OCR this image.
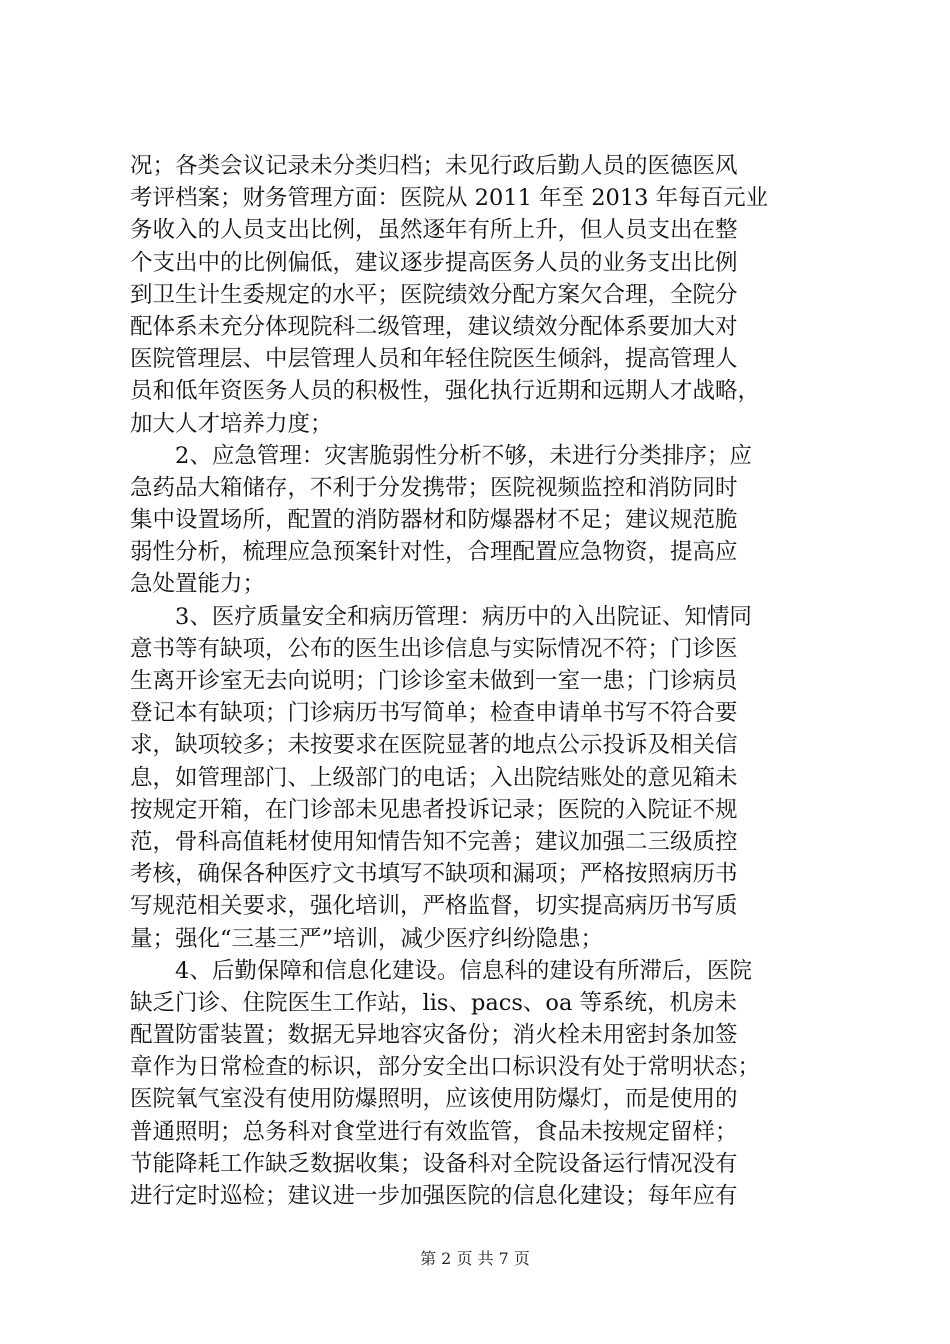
况；各类会议记录未分类归档；未见行政后勤人员的医德医风
考评档案；财务管理方面：医院从 2011 年至 2013 年每百元业
务收入的人员支出比例，虽然逐年有所上升，但人员支出在整
个支出中的比例偏低，建议逐步提高医务人员的业务支出比例
到卫生计生委规定的水平；医院绩效分配方案欠合理，全院分
配体系未充分体现院科二级管理，建议绩效分配体系要加大对
医院管理层、中层管理人员和年轻住院医生倾斜，提高管理人
员和低年资医务人员的积极性，强化执行近期和远期人才战略，
加大人才培养力度；
2、应急管理：灾害脆弱性分析不够，未进行分类排序；应
急药品大箱储存，不利于分发携带；医院视频监控和消防同时
集中设置场所，配置的消防器材和防爆器材不足；建议规范脆
弱性分析，梳理应急预案针对性，合理配置应急物资，提高应
急处置能力；
3、医疗质量安全和病历管理：病历中的入出院证、知情同
意书等有缺项，公布的医生出诊信息与实际情况不符；门诊医
生离开诊室无去向说明；门诊诊室未做到一室一患；门诊病员
登记本有缺项；门诊病历书写简单；检查申请单书写不符合要
求，缺项较多；未按要求在医院显著的地点公示投诉及相关信
息，如管理部门、上级部门的电话；入出院结账处的意见箱未
按规定开箱，在门诊部未见患者投诉记录；医院的入院证不规
范，骨科高值耗材使用知情告知不完善；建议加强二三级质控
考核，确保各种医疗文书填写不缺项和漏项；严格按照病历书
写规范相关要求，强化培训，严格监督，切实提高病历书写质
量；强化“三基三严”培训，减少医疗纠纷隐患；
4、后勤保障和信息化建设。信息科的建设有所滞后，医院
缺乏门诊、住院医生工作站，lis、pacs、oa 等系统，机房未
配置防雷装置；数据无异地容灾备份；消火栓未用密封条加签
章作为日常检查的标识，部分安全出口标识没有处于常明状态；
医院氧气室没有使用防爆照明，应该使用防爆灯，而是使用的
普通照明；总务科对食堂进行有效监管，食品未按规定留样；
节能降耗工作缺乏数据收集；设备科对全院设备运行情况没有
进行定时巡检；建议进一步加强医院的信息化建设；每年应有
第 2 页 共 7 页
